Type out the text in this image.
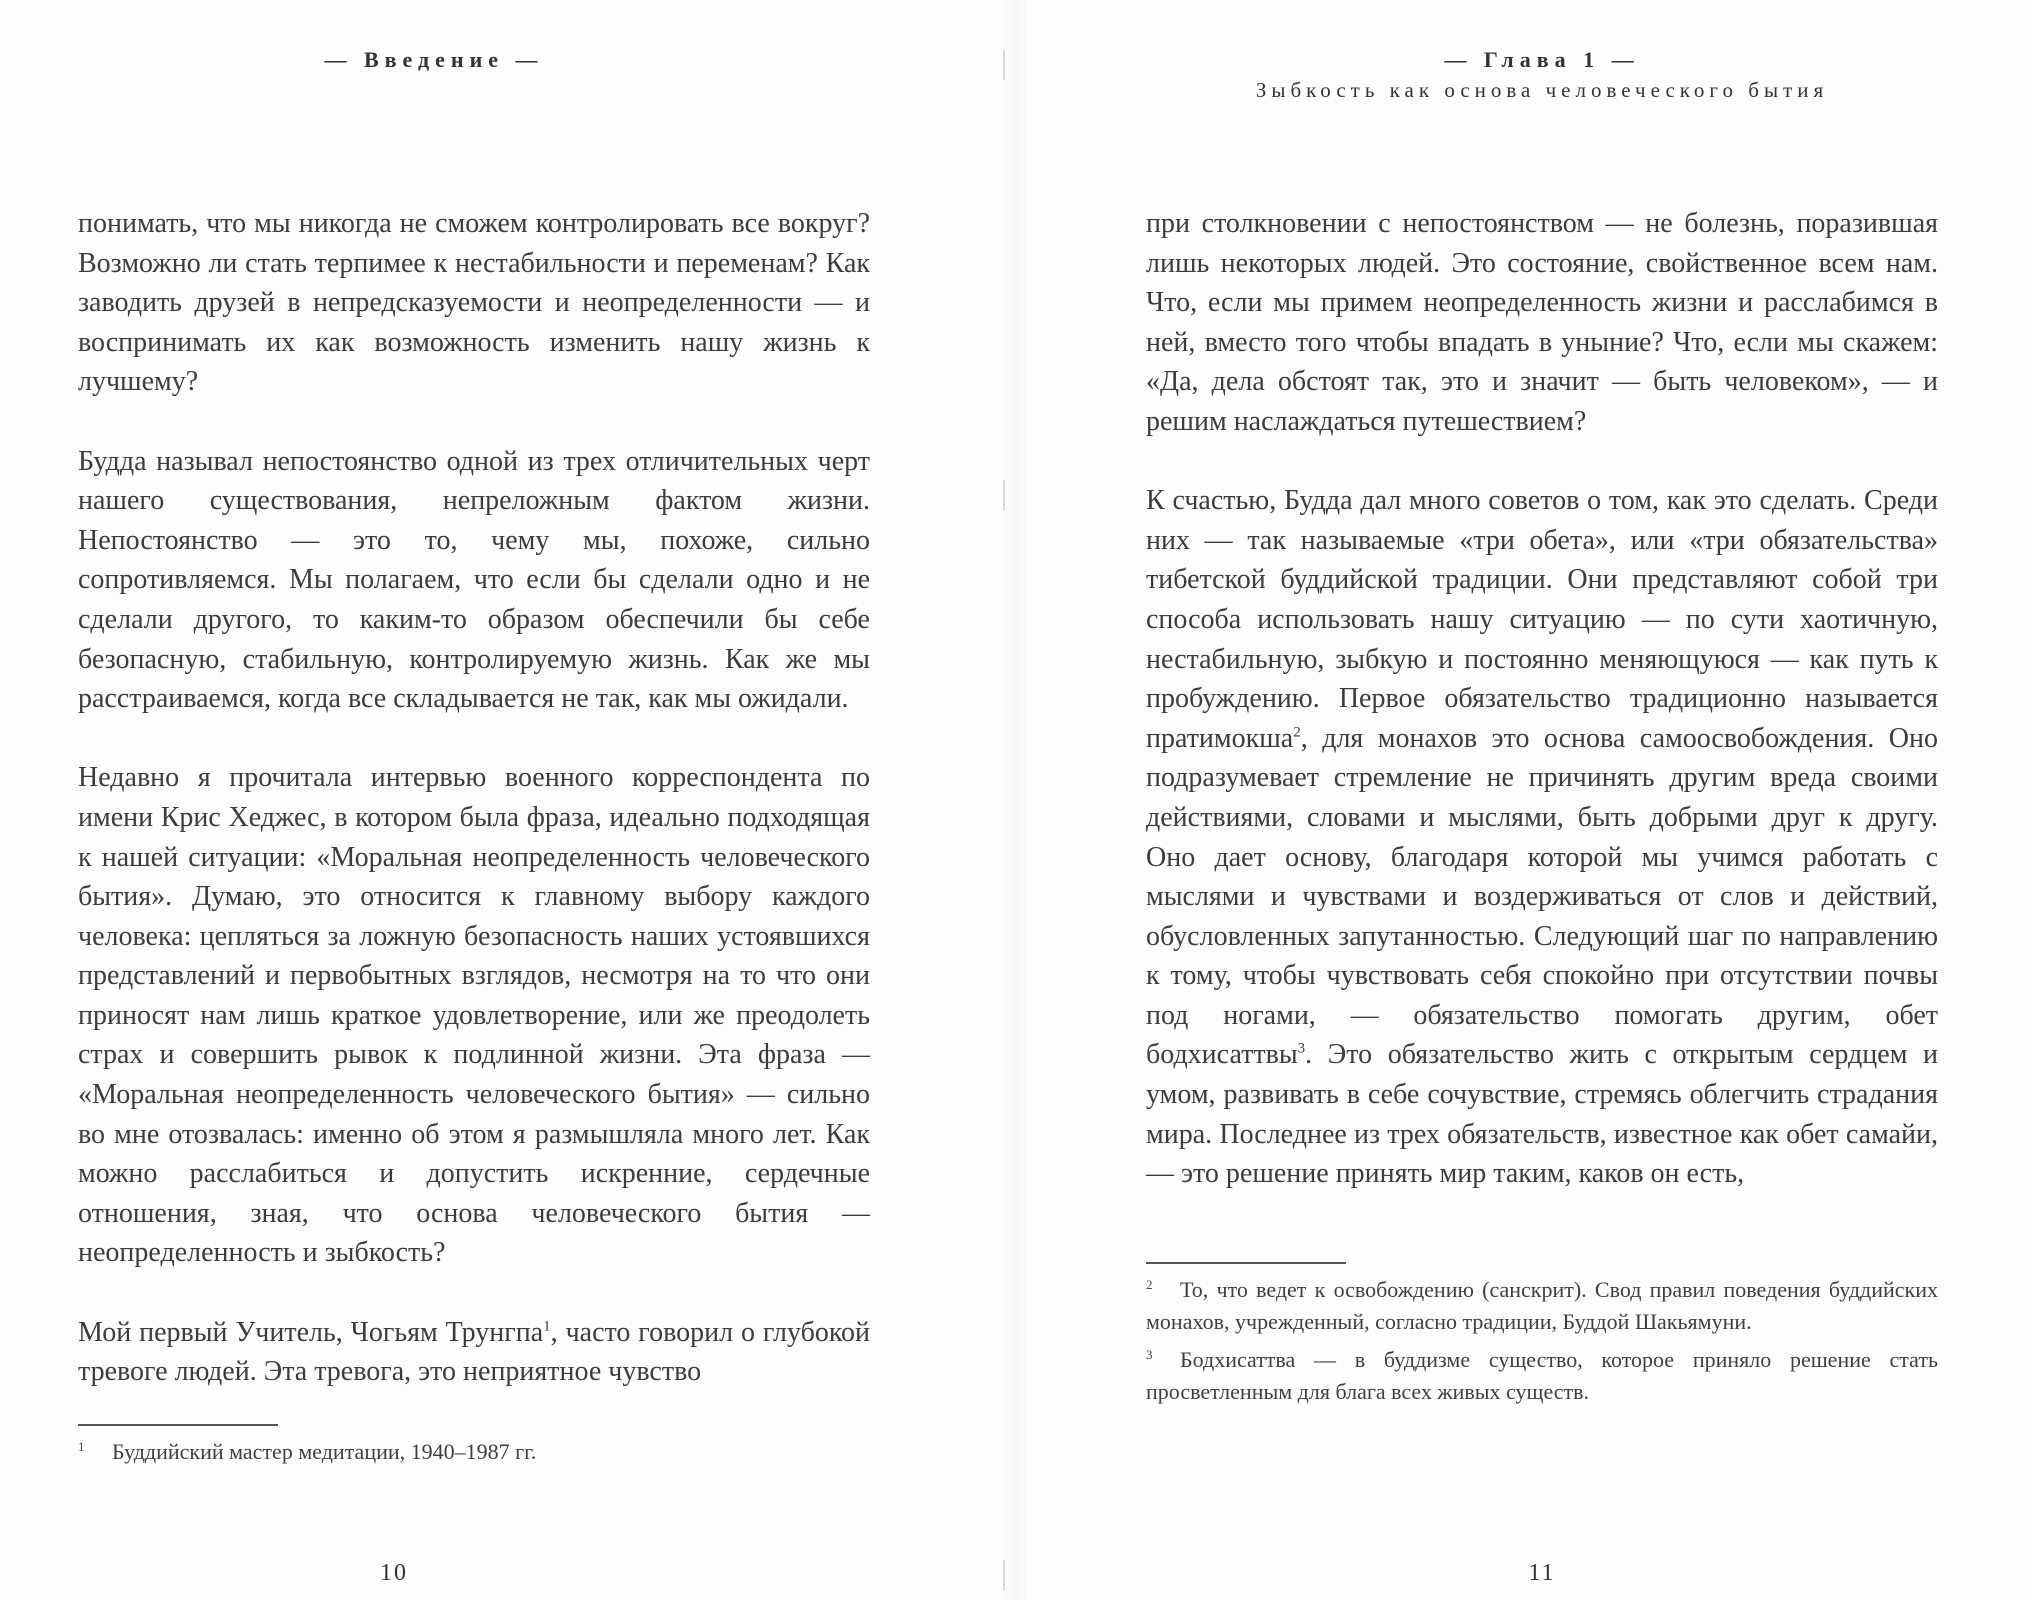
— Введение —

понимать, что мы никогда не сможем контролировать все вокруг? Возможно ли стать терпимее к нестабильности и переменам? Как заводить друзей в непредсказуемости и неопределенности — и воспринимать их как возможность изменить нашу жизнь к лучшему?

Будда называл непостоянство одной из трех отличительных черт нашего существования, непреложным фактом жизни. Непостоянство — это то, чему мы, похоже, сильно сопротивляемся. Мы полагаем, что если бы сделали одно и не сделали другого, то каким-то образом обеспечили бы себе безопасную, стабильную, контролируемую жизнь. Как же мы расстраиваемся, когда все складывается не так, как мы ожидали.

Недавно я прочитала интервью военного корреспондента по имени Крис Хеджес, в котором была фраза, идеально подходящая к нашей ситуации: «Моральная неопределенность человеческого бытия». Думаю, это относится к главному выбору каждого человека: цепляться за ложную безопасность наших устоявшихся представлений и первобытных взглядов, несмотря на то что они приносят нам лишь краткое удовлетворение, или же преодолеть страх и совершить рывок к подлинной жизни. Эта фраза — «Моральная неопределенность человеческого бытия» — сильно во мне отозвалась: именно об этом я размышляла много лет. Как можно расслабиться и допустить искренние, сердечные отношения, зная, что основа человеческого бытия — неопределенность и зыбкость?

Мой первый Учитель, Чогьям Трунгпа$^1$, часто говорил о глубокой тревоге людей. Эта тревога, это неприятное чувство

1 Буддийский мастер медитации, 1940–1987 гг.
10
— Глава 1 —
Зыбкость как основа человеческого бытия

при столкновении с непостоянством — не болезнь, поразившая лишь некоторых людей. Это состояние, свойственное всем нам. Что, если мы примем неопределенность жизни и расслабимся в ней, вместо того чтобы впадать в уныние? Что, если мы скажем: «Да, дела обстоят так, это и значит — быть человеком», — и решим наслаждаться путешествием?

К счастью, Будда дал много советов о том, как это сделать. Среди них — так называемые «три обета», или «три обязательства» тибетской буддийской традиции. Они представляют собой три способа использовать нашу ситуацию — по сути хаотичную, нестабильную, зыбкую и постоянно меняющуюся — как путь к пробуждению. Первое обязательство традиционно называется пратимокша$^2$, для монахов это основа самоосвобождения. Оно подразумевает стремление не причинять другим вреда своими действиями, словами и мыслями, быть добрыми друг к другу. Оно дает основу, благодаря которой мы учимся работать с мыслями и чувствами и воздерживаться от слов и действий, обусловленных запутанностью. Следующий шаг по направлению к тому, чтобы чувствовать себя спокойно при отсутствии почвы под ногами, — обязательство помогать другим, обет бодхисаттвы$^3$. Это обязательство жить с открытым сердцем и умом, развивать в себе сочувствие, стремясь облегчить страдания мира. Последнее из трех обязательств, известное как обет самайи, — это решение принять мир таким, каков он есть,

2 То, что ведет к освобождению (санскрит). Свод правил поведения буддийских монахов, учрежденный, согласно традиции, Буддой Шакьямуни.
3 Бодхисаттва — в буддизме существо, которое приняло решение стать просветленным для блага всех живых существ.
11
